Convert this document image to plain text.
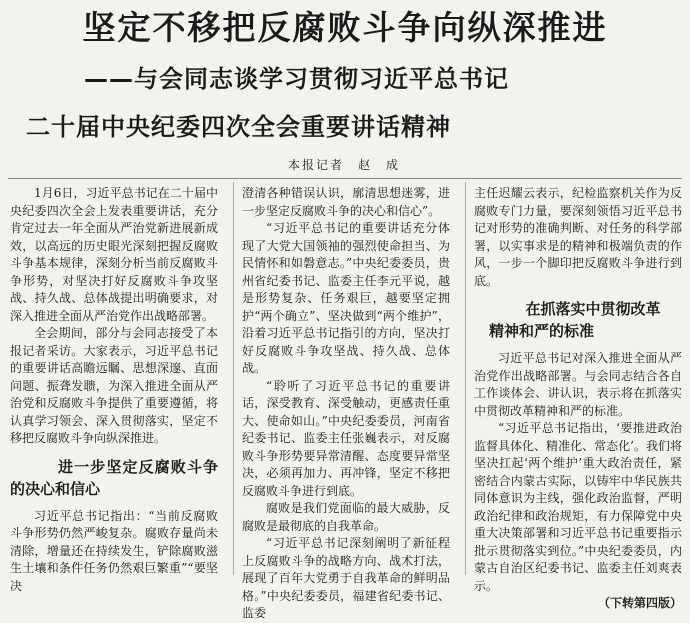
坚定不移把反腐败斗争向纵深推进
——与会同志谈学习贯彻习近平总书记
二十届中央纪委四次全会重要讲话精神
本报记者　赵　成

1月6日，习近平总书记在二十届中央纪委四次全会上发表重要讲话，充分肯定过去一年全面从严治党新进展新成效，以高远的历史眼光深刻把握反腐败斗争基本规律，深刻分析当前反腐败斗争形势，对坚决打好反腐败斗争攻坚战、持久战、总体战提出明确要求，对深入推进全面从严治党作出战略部署。

全会期间，部分与会同志接受了本报记者采访。大家表示，习近平总书记的重要讲话高瞻远瞩、思想深邃、直面问题、振聋发聩，为深入推进全面从严治党和反腐败斗争提供了重要遵循，将认真学习领会、深入贯彻落实，坚定不移把反腐败斗争向纵深推进。

进一步坚定反腐败斗争的决心和信心

习近平总书记指出：“当前反腐败斗争形势仍然严峻复杂。腐败存量尚未清除，增量还在持续发生，铲除腐败滋生土壤和条件任务仍然艰巨繁重”“要坚决

澄清各种错误认识，廓清思想迷雾，进一步坚定反腐败斗争的决心和信心”。

“习近平总书记的重要讲话充分体现了大党大国领袖的强烈使命担当、为民情怀和如磐意志。”中央纪委委员，贵州省纪委书记、监委主任李元平说，越是形势复杂、任务艰巨，越要坚定拥护“两个确立”、坚决做到“两个维护”，沿着习近平总书记指引的方向，坚决打好反腐败斗争攻坚战、持久战、总体战。

“聆听了习近平总书记的重要讲话，深受教育、深受触动，更感责任重大、使命如山。”中央纪委委员，河南省纪委书记、监委主任张巍表示，对反腐败斗争形势要异常清醒、态度要异常坚决，必须再加力、再冲锋，坚定不移把反腐败斗争进行到底。

腐败是我们党面临的最大威胁，反腐败是最彻底的自我革命。

“习近平总书记深刻阐明了新征程上反腐败斗争的战略方向、战术打法，展现了百年大党勇于自我革命的鲜明品格。”中央纪委委员，福建省纪委书记、监委

主任迟耀云表示，纪检监察机关作为反腐败专门力量，要深刻领悟习近平总书记对形势的准确判断、对任务的科学部署，以实事求是的精神和极端负责的作风，一步一个脚印把反腐败斗争进行到底。

在抓落实中贯彻改革
精神和严的标准

习近平总书记对深入推进全面从严治党作出战略部署。与会同志结合各自工作谈体会、讲认识，表示将在抓落实中贯彻改革精神和严的标准。

“习近平总书记指出，‘要推进政治监督具体化、精准化、常态化’。我们将坚决扛起‘两个维护’重大政治责任，紧密结合内蒙古实际，以铸牢中华民族共同体意识为主线，强化政治监督，严明政治纪律和政治规矩，有力保障党中央重大决策部署和习近平总书记重要指示批示贯彻落实到位。”中央纪委委员，内蒙古自治区纪委书记、监委主任刘爽表示。

（下转第四版）
